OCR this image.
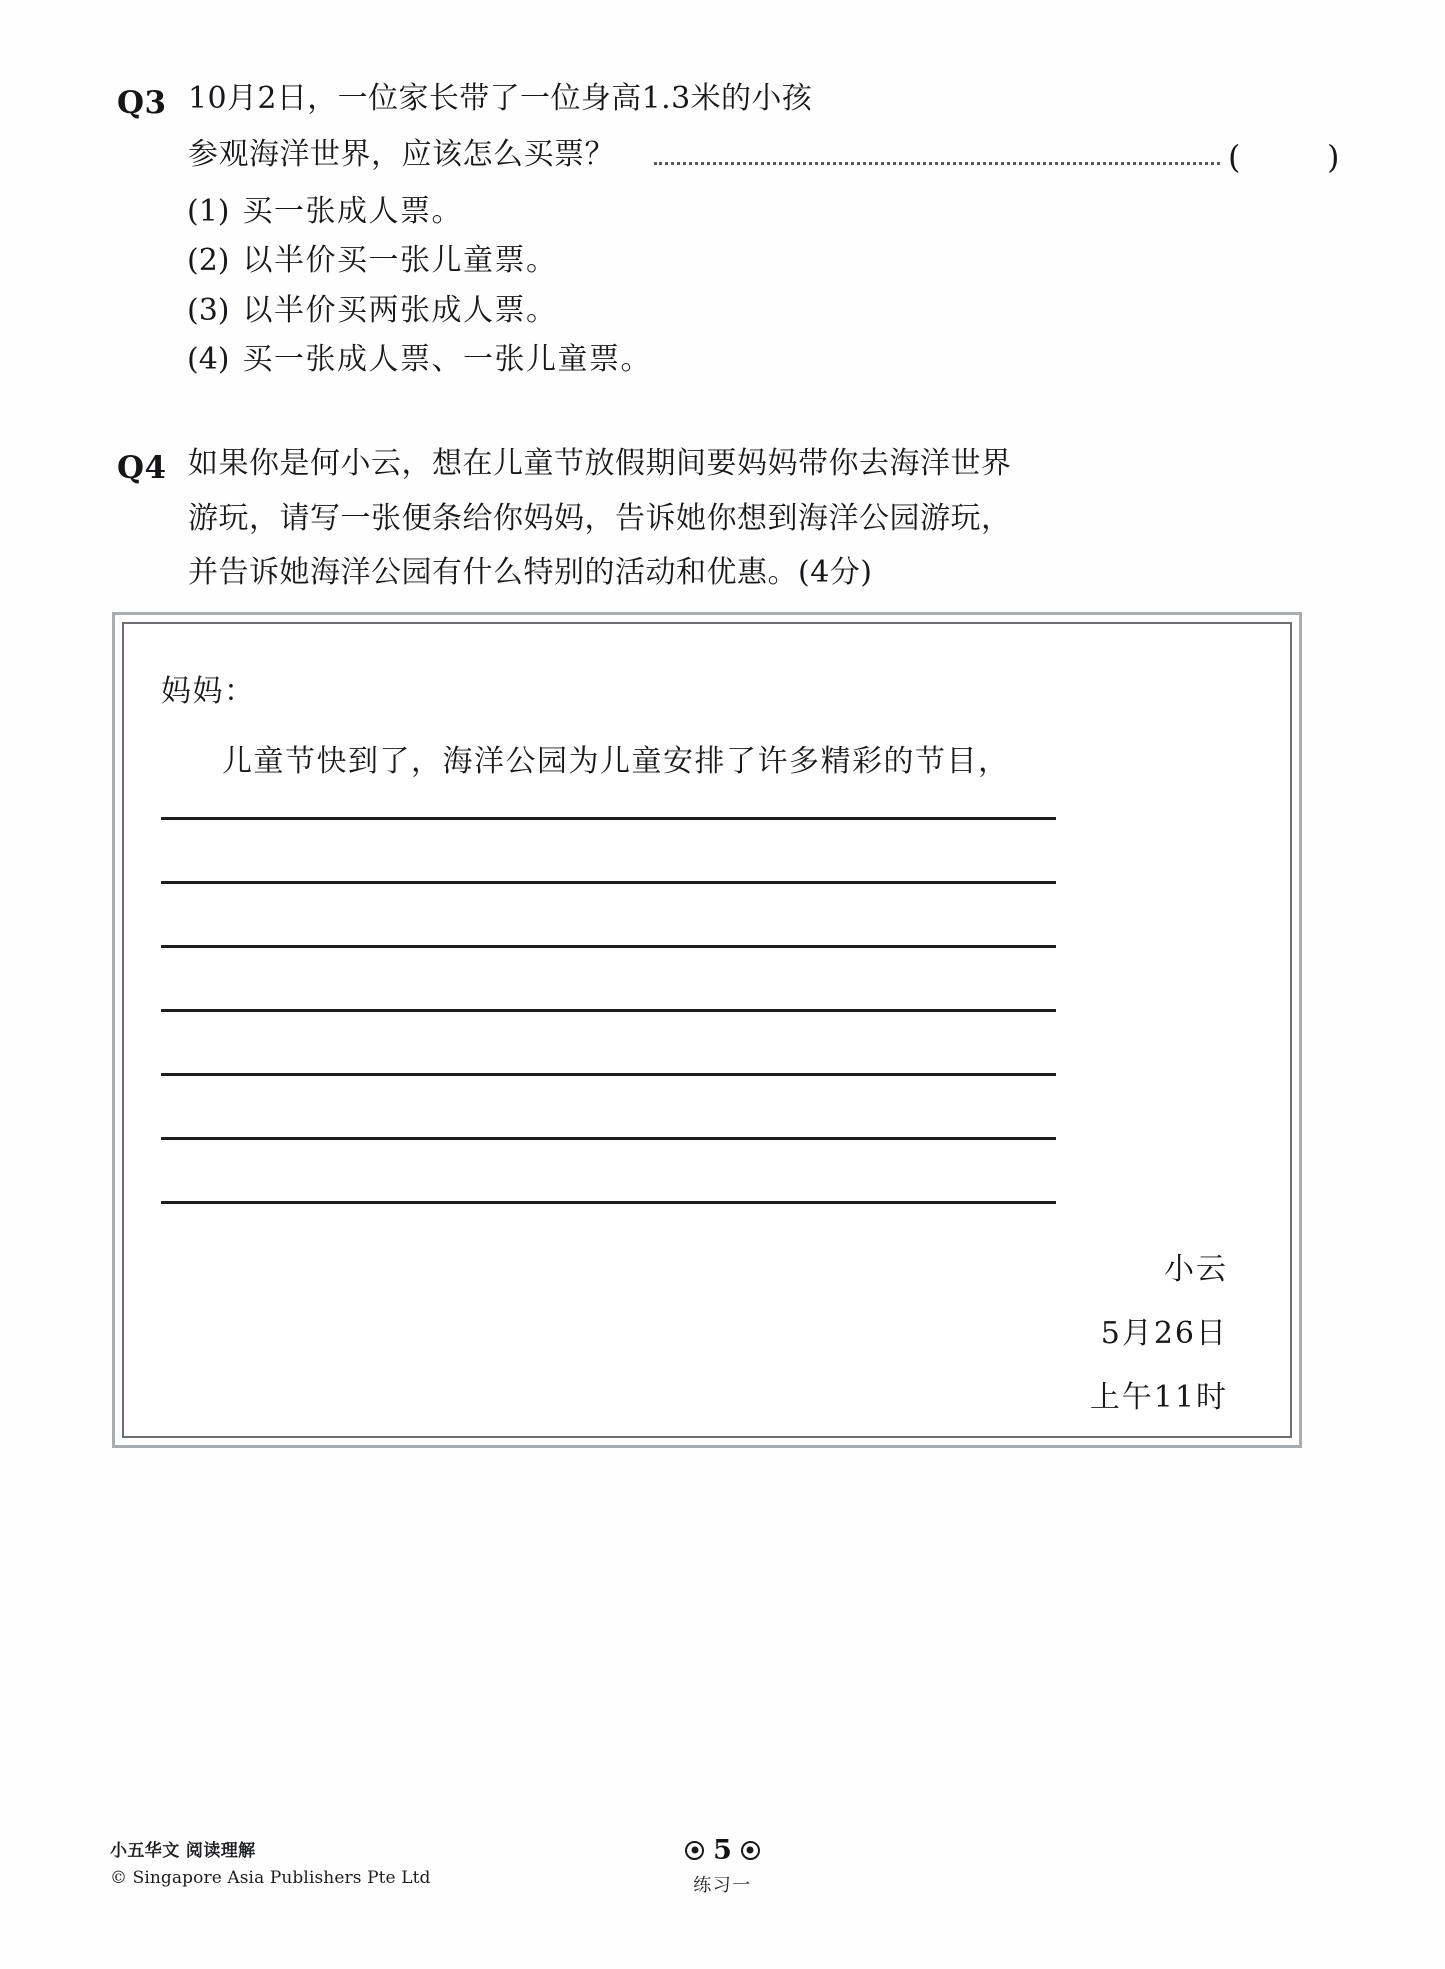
Q3 10月2日，一位家长带了一位身高1.3米的小孩
参观海洋世界，应该怎么买票？	(	)
(1) 买一张成人票。
(2) 以半价买一张儿童票。
(3) 以半价买两张成人票。
(4) 买一张成人票、一张儿童票。
Q4 如果你是何小云，想在儿童节放假期间要妈妈带你去海洋世界
游玩，请写一张便条给你妈妈，告诉她你想到海洋公园游玩，
并告诉她海洋公园有什么特别的活动和优惠。(4分)
妈妈：
儿童节快到了，海洋公园为儿童安排了许多精彩的节目，
小云
5月26日
上午11时
小五华文 阅读理解
© Singapore Asia Publishers Pte Ltd
5
练习一
